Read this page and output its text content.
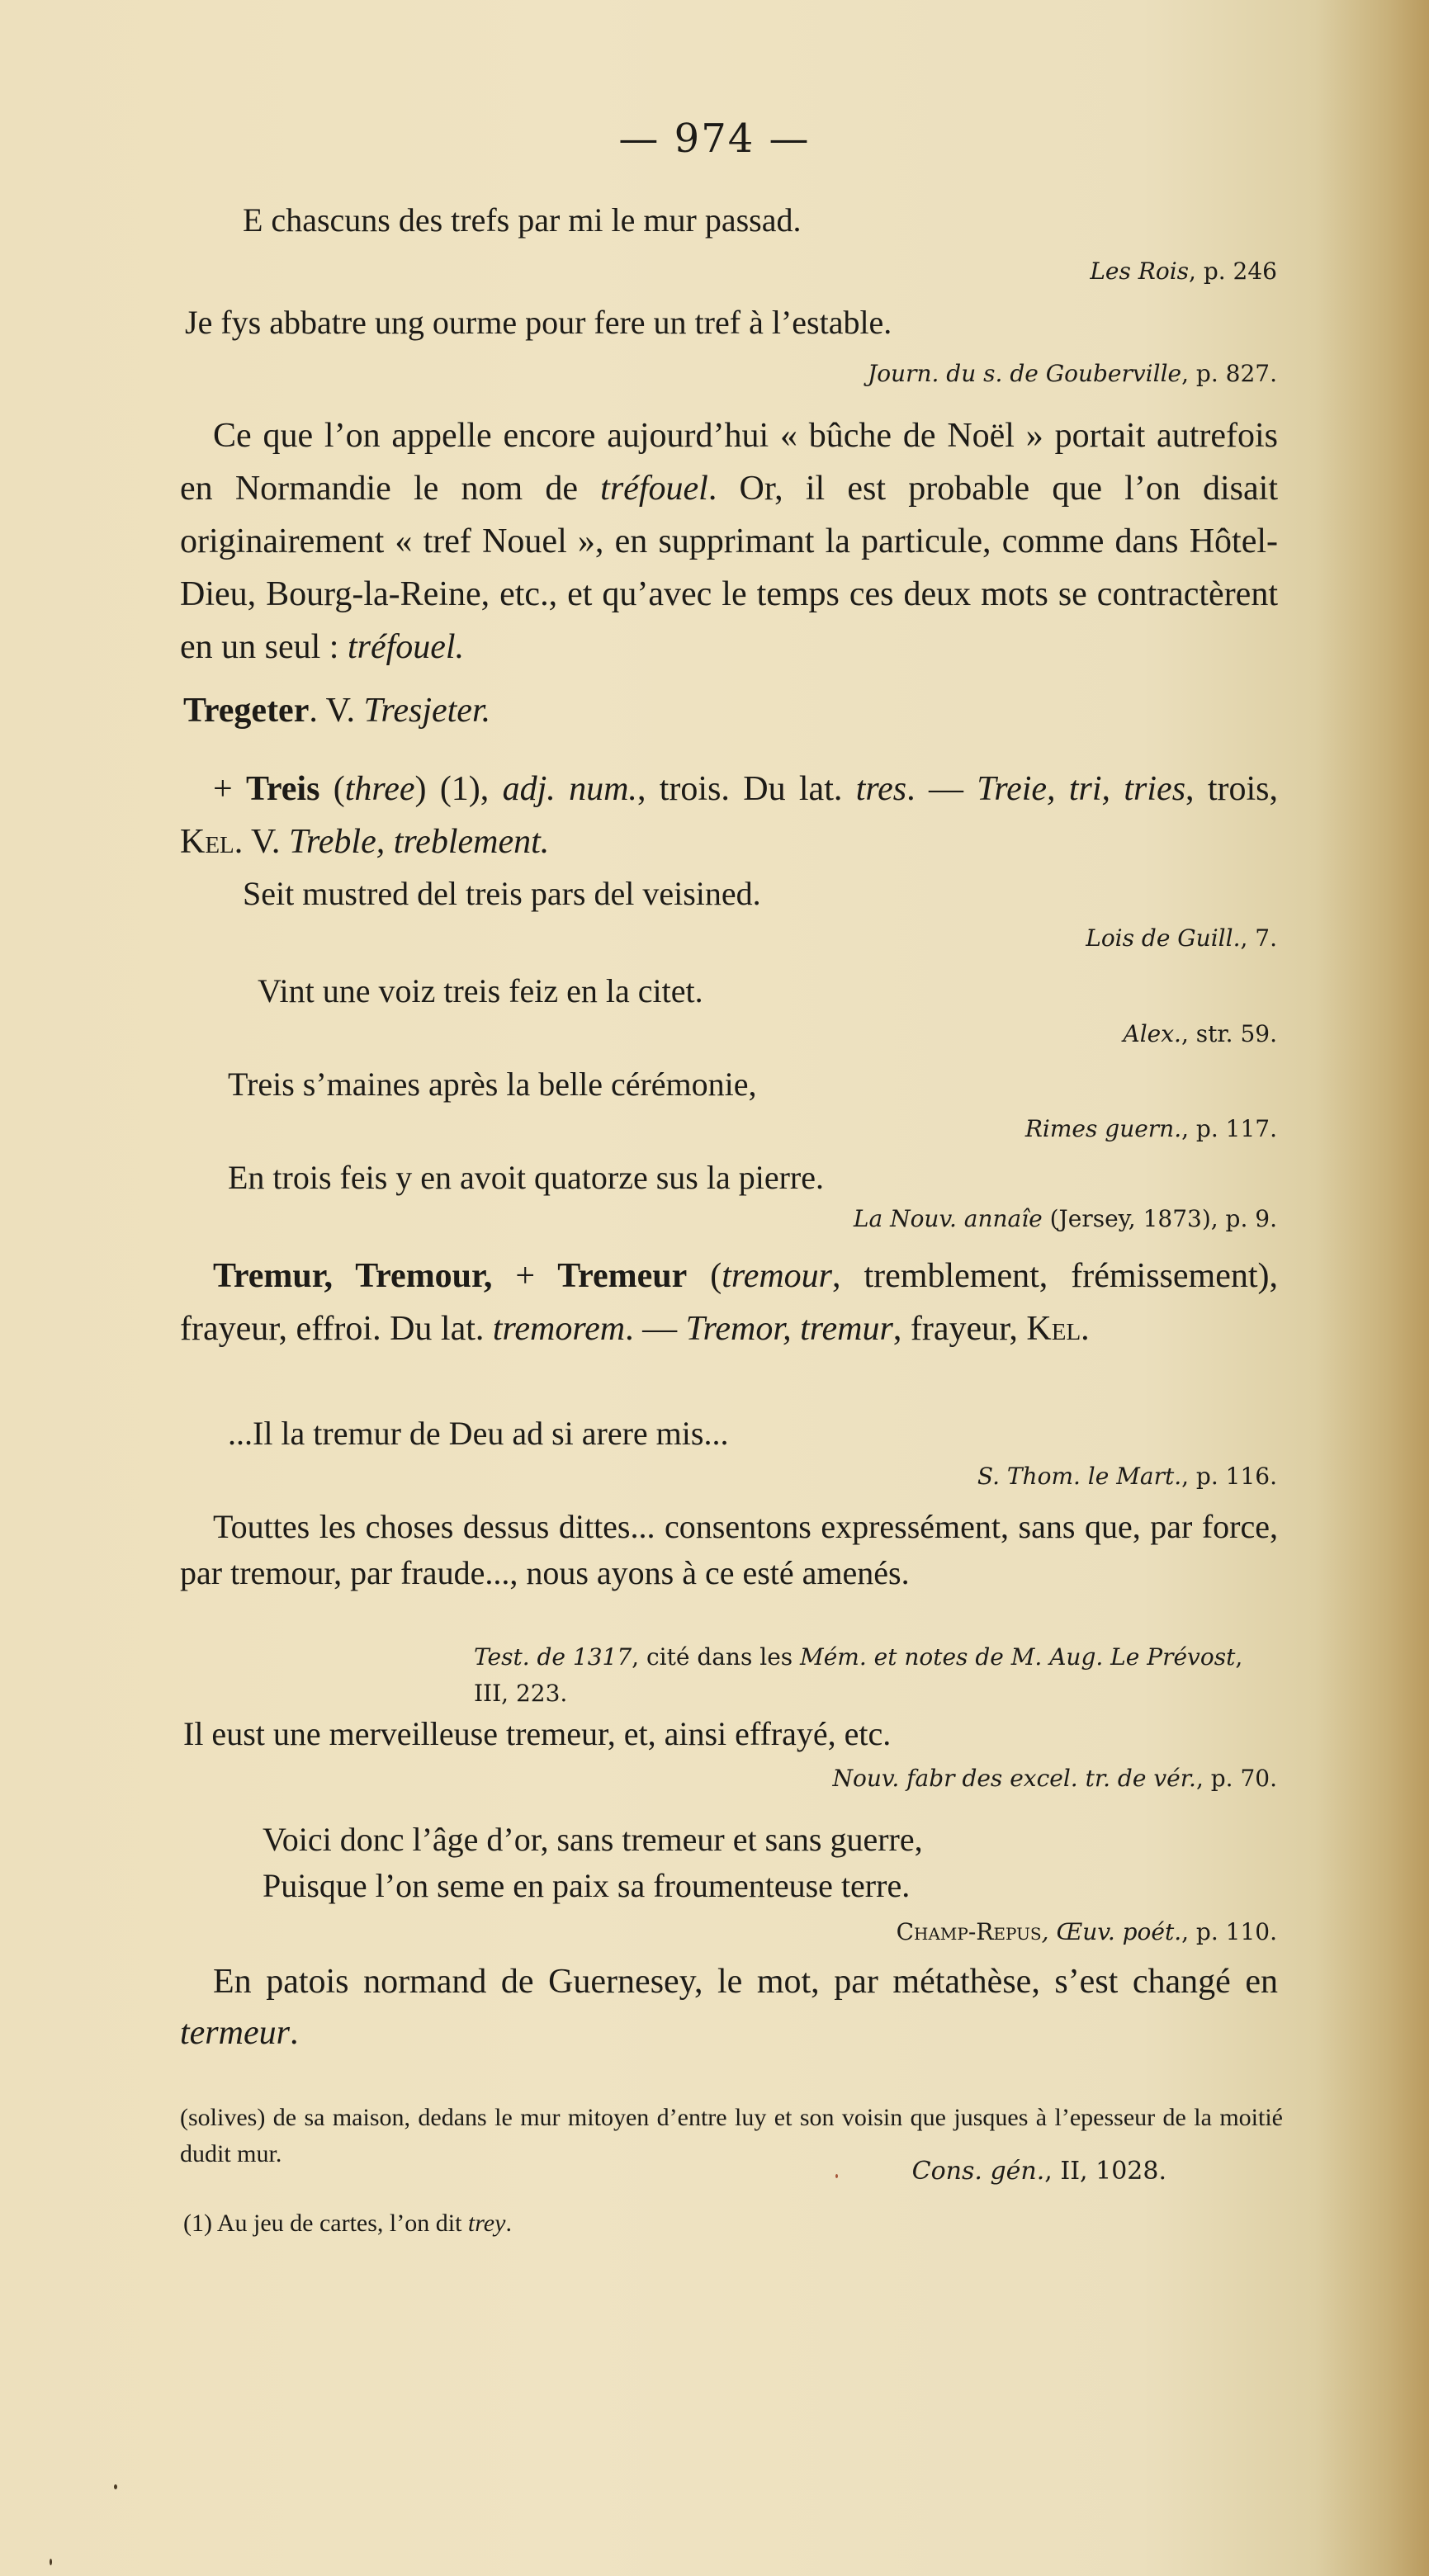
— 974 —
E chascuns des trefs par mi le mur passad.
Les Rois, p. 246
Je fys abbatre ung ourme pour fere un tref à l’estable.
Journ. du s. de Gouberville, p. 827.
Ce que l’on appelle encore aujourd’hui « bûche de Noël » portait autrefois en Normandie le nom de tréfouel. Or, il est probable que l’on disait originairement « tref Nouel », en supprimant la particule, comme dans Hôtel-Dieu, Bourg-la-Reine, etc., et qu’avec le temps ces deux mots se contractèrent en un seul : tréfouel.
Tregeter. V. Tresjeter.
+ Treis (three) (1), adj. num., trois. Du lat. tres. — Treie, tri, tries, trois, Kel. V. Treble, treblement.
Seit mustred del treis pars del veisined.
Lois de Guill., 7.
Vint une voiz treis feiz en la citet.
Alex., str. 59.
Treis s’maines après la belle cérémonie,
Rimes guern., p. 117.
En trois feis y en avoit quatorze sus la pierre.
La Nouv. annaîe (Jersey, 1873), p. 9.
Tremur, Tremour, + Tremeur (tremour, tremblement, frémissement), frayeur, effroi. Du lat. tremorem. — Tremor, tremur, frayeur, Kel.
...Il la tremur de Deu ad si arere mis...
S. Thom. le Mart., p. 116.
Touttes les choses dessus dittes... consentons expressément, sans que, par force, par tremour, par fraude..., nous ayons à ce esté amenés.
Test. de 1317, cité dans les Mém. et notes de M. Aug. Le Prévost, III, 223.
Il eust une merveilleuse tremeur, et, ainsi effrayé, etc.
Nouv. fabr des excel. tr. de vér., p. 70.
Voici donc l’âge d’or, sans tremeur et sans guerre,
Puisque l’on seme en paix sa froumenteuse terre.
Champ-Repus, Œuv. poét., p. 110.
En patois normand de Guernesey, le mot, par métathèse, s’est changé en termeur.
(solives) de sa maison, dedans le mur mitoyen d’entre luy et son voisin que jusques à l’epesseur de la moitié dudit mur.
Cons. gén., II, 1028.
(1) Au jeu de cartes, l’on dit trey.
